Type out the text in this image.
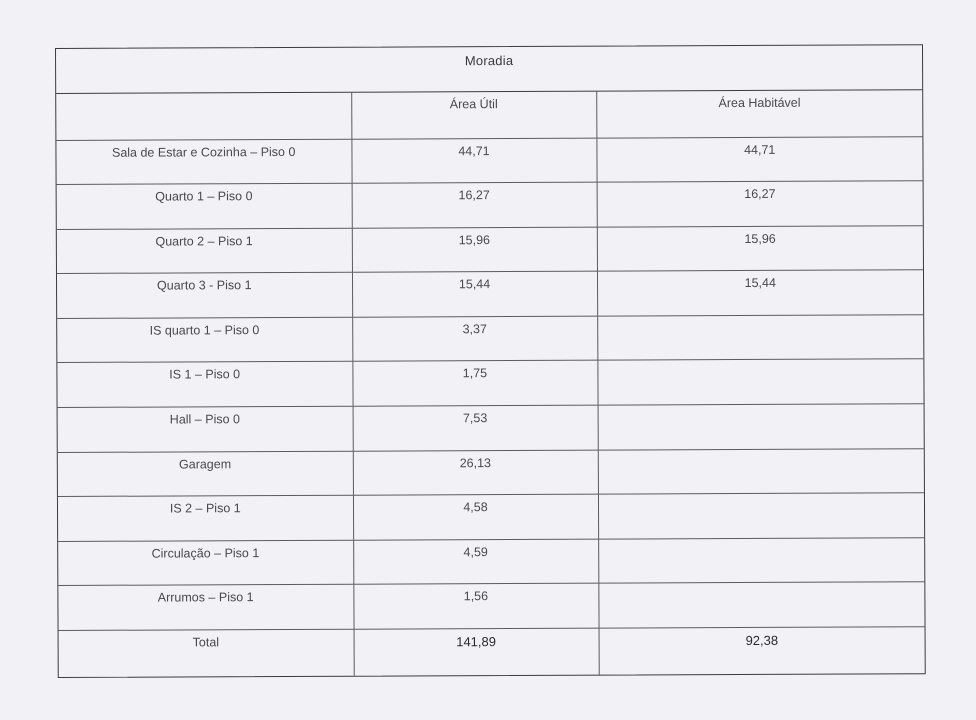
Moradia
	Área Útil	Área Habitável
Sala de Estar e Cozinha – Piso 0	44,71	44,71
Quarto 1 – Piso 0	16,27	16,27
Quarto 2 – Piso 1	15,96	15,96
Quarto 3 - Piso 1	15,44	15,44
IS quarto 1 – Piso 0	3,37	
IS 1 – Piso 0	1,75	
Hall – Piso 0	7,53	
Garagem	26,13	
IS 2 – Piso 1	4,58	
Circulação – Piso 1	4,59	
Arrumos – Piso 1	1,56	
Total	141,89	92,38
